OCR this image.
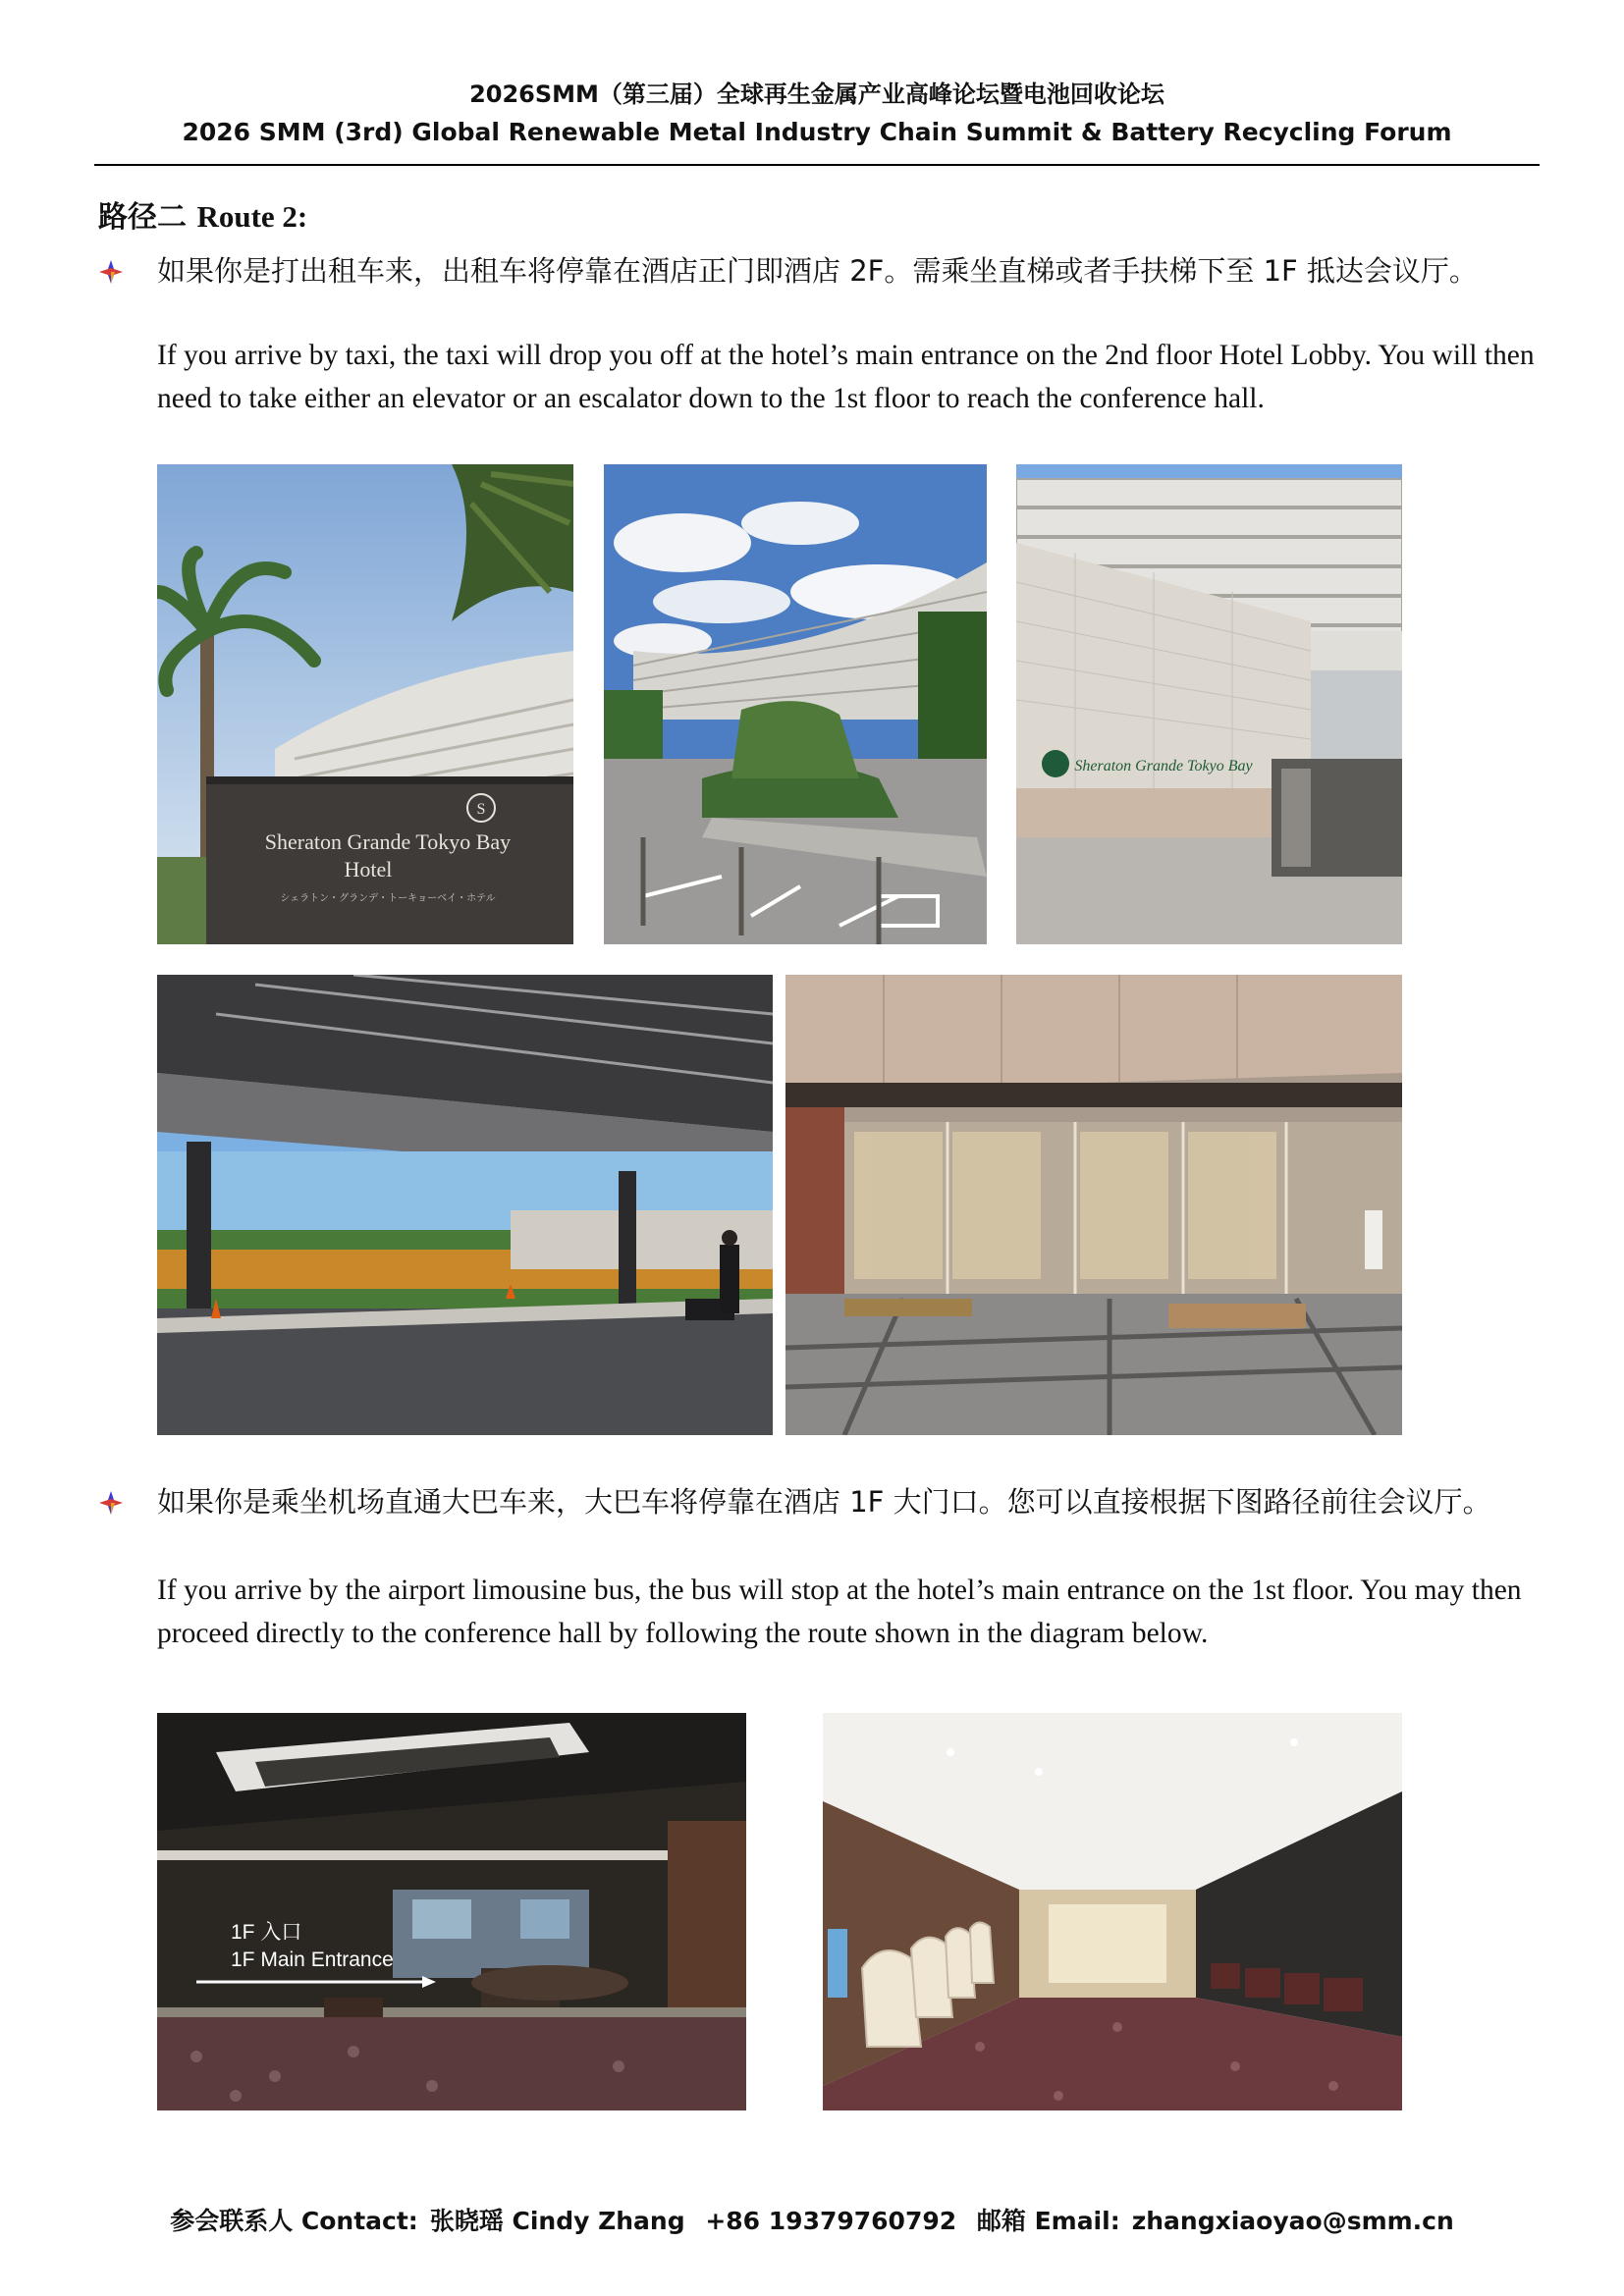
2026SMM（第三届）全球再生金属产业高峰论坛暨电池回收论坛
2026 SMM (3rd) Global Renewable Metal Industry Chain Summit & Battery Recycling Forum
路径二 Route 2:
如果你是打出租车来，出租车将停靠在酒店正门即酒店 2F。需乘坐直梯或者手扶梯下至 1F 抵达会议厅。
If you arrive by taxi, the taxi will drop you off at the hotel’s main entrance on the 2nd floor Hotel Lobby. You will then need to take either an elevator or an escalator down to the 1st floor to reach the conference hall.
S
Sheraton Grande Tokyo Bay
Hotel
シェラトン・グランデ・トーキョーベイ・ホテル
Sheraton Grande Tokyo Bay
如果你是乘坐机场直通大巴车来，大巴车将停靠在酒店 1F 大门口。您可以直接根据下图路径前往会议厅。
If you arrive by the airport limousine bus, the bus will stop at the hotel’s main entrance on the 1st floor. You may then proceed directly to the conference hall by following the route shown in the diagram below.
1F 入口
1F Main Entrance
参会联系人 Contact: 张晓瑶 Cindy Zhang +86 19379760792 邮箱 Email: zhangxiaoyao@smm.cn
